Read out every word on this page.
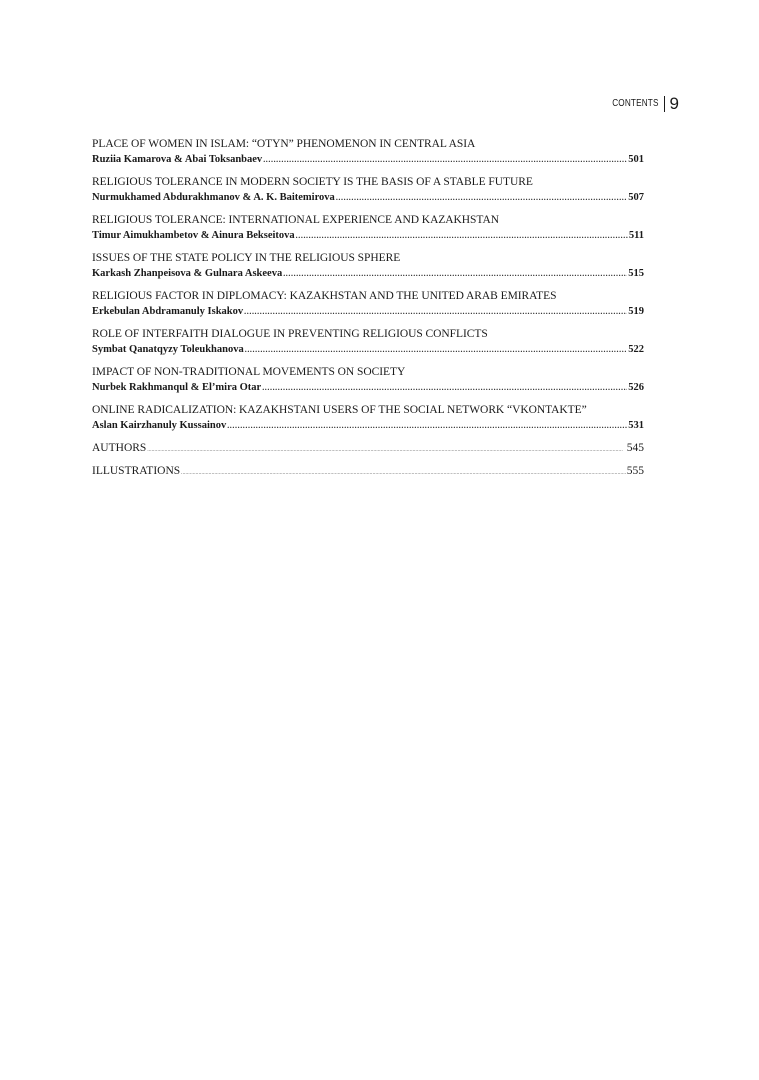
CONTENTS 9
PLACE OF WOMEN IN ISLAM: “OTYN” PHENOMENON IN CENTRAL ASIA
Ruziia Kamarova & Abai Toksanbaev .....	501
RELIGIOUS TOLERANCE IN MODERN SOCIETY IS THE BASIS OF A STABLE FUTURE
Nurmukhamed Abdurakhmanov & A. K. Baitemirova .....	507
RELIGIOUS TOLERANCE: INTERNATIONAL EXPERIENCE AND KAZAKHSTAN
Timur Aimukhambetov & Ainura Bekseitova .....	511
ISSUES OF THE STATE POLICY IN THE RELIGIOUS SPHERE
Karkash Zhanpeisova & Gulnara Askeeva .....	515
RELIGIOUS FACTOR IN DIPLOMACY: KAZAKHSTAN AND THE UNITED ARAB EMIRATES
Erkebulan Abdramanuly Iskakov .....	519
ROLE OF INTERFAITH DIALOGUE IN PREVENTING RELIGIOUS CONFLICTS
Symbat Qanatqyzy Toleukhanova .....	522
IMPACT OF NON-TRADITIONAL MOVEMENTS ON SOCIETY
Nurbek Rakhmanqul & El’mira Otar .....	526
ONLINE RADICALIZATION: KAZAKHSTANI USERS OF THE SOCIAL NETWORK “VKONTAKTE”
Aslan Kairzhanuly Kussainov .....	531
AUTHORS .....	545
ILLUSTRATIONS .....	555
